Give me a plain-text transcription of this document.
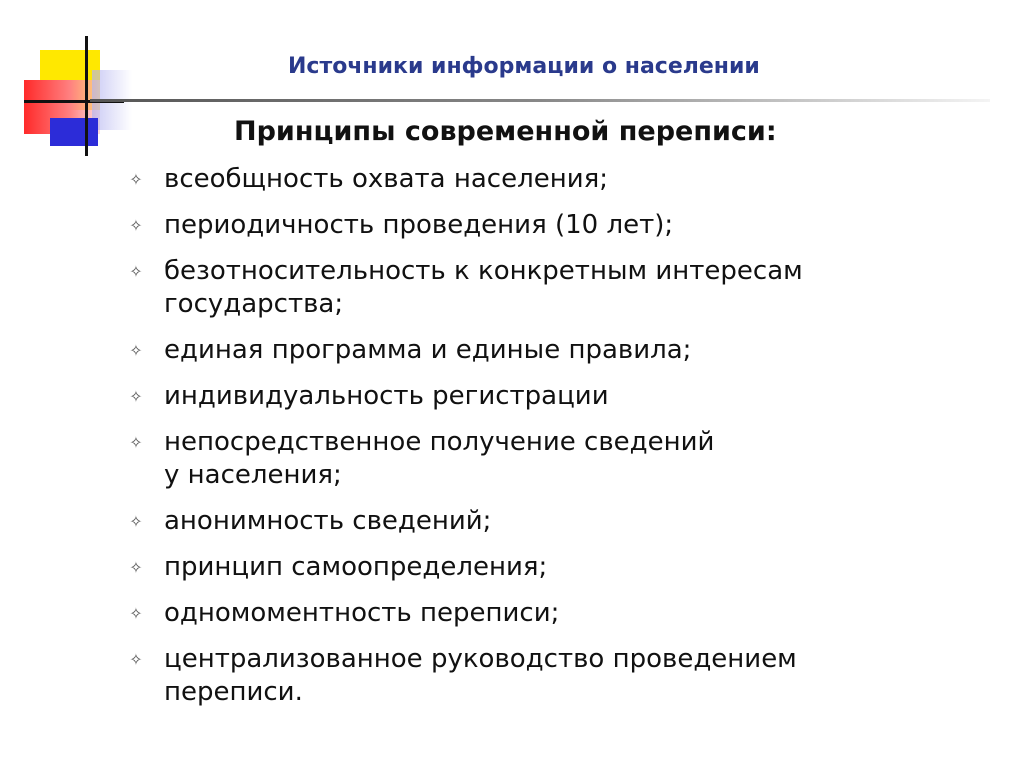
Источники информации о населении
Принципы современной переписи:
✧ всеобщность охвата населения;
✧ периодичность проведения (10 лет);
✧ безотносительность к конкретным интересам
государства;
✧ единая программа и единые правила;
✧ индивидуальность регистрации
✧ непосредственное получение сведений
у населения;
✧ анонимность сведений;
✧ принцип самоопределения;
✧ одномоментность переписи;
✧ централизованное руководство проведением
переписи.
